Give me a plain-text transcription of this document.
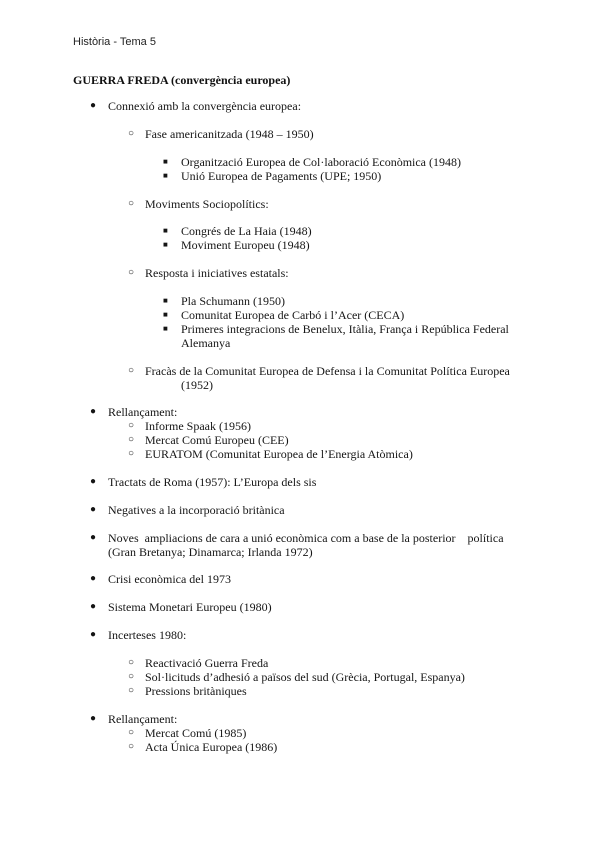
Història - Tema 5
GUERRA FREDA (convergència europea)
● Connexió amb la convergència europea:
○ Fase americanitzada (1948 – 1950)
■ Organització Europea de Col·laboració Econòmica (1948)
■ Unió Europea de Pagaments (UPE; 1950)
○ Moviments Sociopolítics:
■ Congrés de La Haia (1948)
■ Moviment Europeu (1948)
○ Resposta i iniciatives estatals:
■ Pla Schumann (1950)
■ Comunitat Europea de Carbó i l’Acer (CECA)
■ Primeres integracions de Benelux, Itàlia, França i República Federal
Alemanya
○ Fracàs de la Comunitat Europea de Defensa i la Comunitat Política Europea
(1952)
● Rellançament:
○ Informe Spaak (1956)
○ Mercat Comú Europeu (CEE)
○ EURATOM (Comunitat Europea de l’Energia Atòmica)
● Tractats de Roma (1957): L’Europa dels sis
● Negatives a la incorporació britànica
● Noves  ampliacions de cara a unió econòmica com a base de la posterior    política
(Gran Bretanya; Dinamarca; Irlanda 1972)
● Crisi econòmica del 1973
● Sistema Monetari Europeu (1980)
● Incerteses 1980:
○ Reactivació Guerra Freda
○ Sol·licituds d’adhesió a països del sud (Grècia, Portugal, Espanya)
○ Pressions britàniques
● Rellançament:
○ Mercat Comú (1985)
○ Acta Única Europea (1986)
